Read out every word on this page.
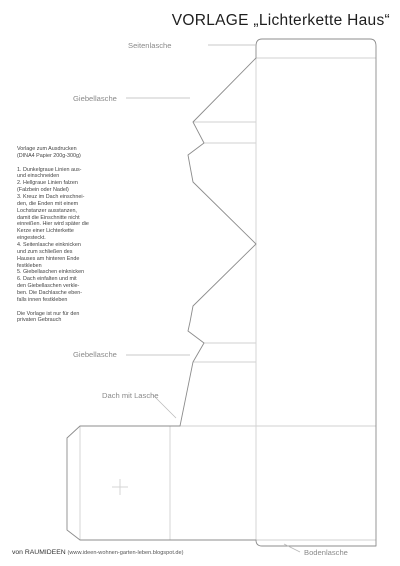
VORLAGE „Lichterkette Haus“
Seitenlasche
Giebellasche
Giebellasche
Dach mit Lasche
Bodenlasche
Vorlage zum Ausdrucken
(DINA4 Papier 200g-300g)
1. Dunkelgraue Linien aus-
und einschneiden
2. Hellgraue Linien falzen
(Falzbein oder Nadel)
3. Kreuz im Dach einschnei-
den, die Enden mit einem
Lochstanzer ausstanzen,
damit die Einschnitte nicht
einreißen. Hier wird später die
Kerze einer Lichterkette
eingesteckt.
4. Seitenlasche einknicken
und zum schließen des
Hauses am hinteren Ende
festkleben
5. Giebellaschen einknicken
6. Dach einfalten und mit
den Giebellaschen verkle-
ben. Die Dachlasche eben-
falls innen festkleben
Die Vorlage ist nur für den
privaten Gebrauch
von RAUMIDEEN (www.ideen-wohnen-garten-leben.blogspot.de)
